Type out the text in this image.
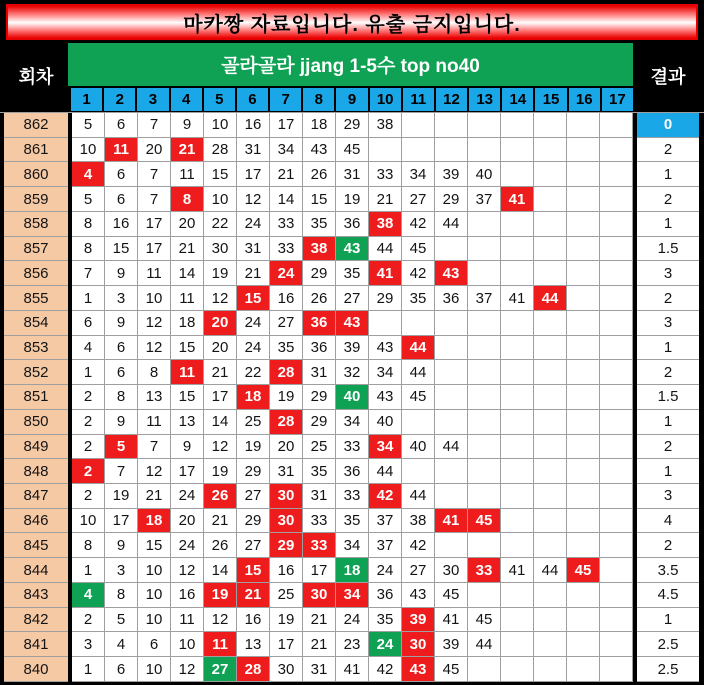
마카짱 자료입니다. 유출 금지입니다.
회차	골라골라 jjang 1-5수 top no40	결과
1	2	3	4	5	6	7	8	9	10	11	12	13	14	15	16	17
862	5	6	7	9	10	16	17	18	29	38	0
861	10	11	20	21	28	31	34	43	45	2
860	4	6	7	11	15	17	21	26	31	33	34	39	40	1
859	5	6	7	8	10	12	14	15	19	21	27	29	37	41	2
858	8	16	17	20	22	24	33	35	36	38	42	44	1
857	8	15	17	21	30	31	33	38	43	44	45	1.5
856	7	9	11	14	19	21	24	29	35	41	42	43	3
855	1	3	10	11	12	15	16	26	27	29	35	36	37	41	44	2
854	6	9	12	18	20	24	27	36	43	3
853	4	6	12	15	20	24	35	36	39	43	44	1
852	1	6	8	11	21	22	28	31	32	34	44	2
851	2	8	13	15	17	18	19	29	40	43	45	1.5
850	2	9	11	13	14	25	28	29	34	40	1
849	2	5	7	9	12	19	20	25	33	34	40	44	2
848	2	7	12	17	19	29	31	35	36	44	1
847	2	19	21	24	26	27	30	31	33	42	44	3
846	10	17	18	20	21	29	30	33	35	37	38	41	45	4
845	8	9	15	24	26	27	29	33	34	37	42	2
844	1	3	10	12	14	15	16	17	18	24	27	30	33	41	44	45	3.5
843	4	8	10	16	19	21	25	30	34	36	43	45	4.5
842	2	5	10	11	12	16	19	21	24	35	39	41	45	1
841	3	4	6	10	11	13	17	21	23	24	30	39	44	2.5
840	1	6	10	12	27	28	30	31	41	42	43	45	2.5
